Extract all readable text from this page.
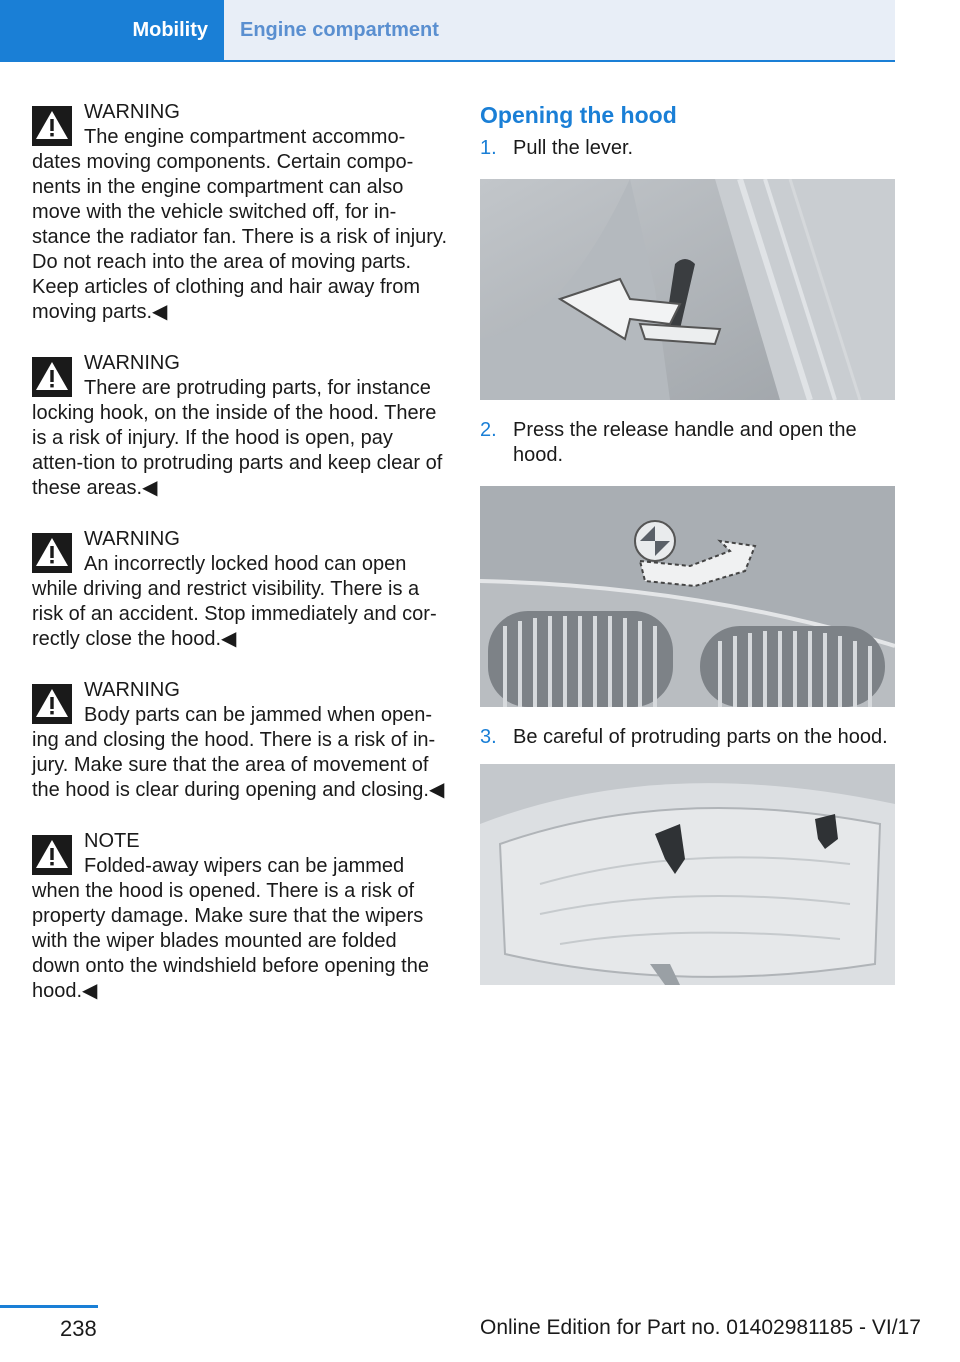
Mobility	Engine compartment
WARNING
The engine compartment accommo-
dates moving components. Certain compo-nents in the engine compartment can also move with the vehicle switched off, for in-stance the radiator fan. There is a risk of injury. Do not reach into the area of moving parts. Keep articles of clothing and hair away from moving parts.◀
WARNING
There are protruding parts, for instance
locking hook, on the inside of the hood. There is a risk of injury. If the hood is open, pay atten-tion to protruding parts and keep clear of these areas.◀
WARNING
An incorrectly locked hood can open
while driving and restrict visibility. There is a risk of an accident. Stop immediately and cor-rectly close the hood.◀
WARNING
Body parts can be jammed when open-
ing and closing the hood. There is a risk of in-jury. Make sure that the area of movement of the hood is clear during opening and closing.◀
NOTE
Folded-away wipers can be jammed
when the hood is opened. There is a risk of property damage. Make sure that the wipers with the wiper blades mounted are folded down onto the windshield before opening the hood.◀
Opening the hood
1. Pull the lever.
2. Press the release handle and open the hood.
3. Be careful of protruding parts on the hood.
238	Online Edition for Part no. 01402981185 - VI/17
